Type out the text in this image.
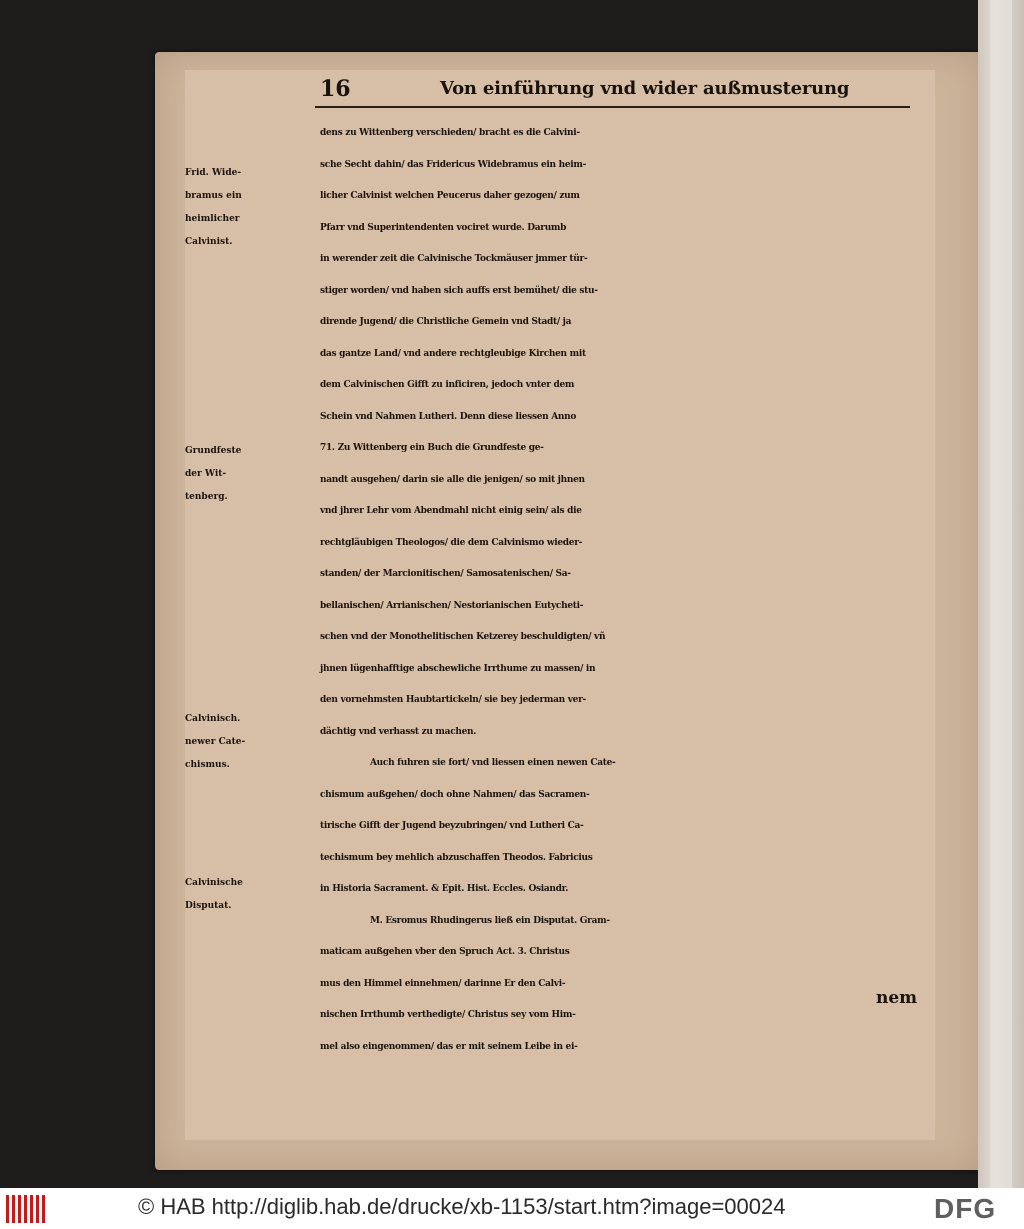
16	Von einführung vnd wider außmusterung
dens zu Wittenberg verschieden/ bracht es die Calvini-
sche Secht dahin/ das Fridericus Widebramus ein heim-
licher Calvinist welchen Peucerus daher gezogen/ zum
Pfarr vnd Superintendenten vociret wurde. Darumb
in werender zeit die Calvinische Tockmäuser jmmer tür-
stiger worden/ vnd haben sich auffs erst bemühet/ die stu-
dirende Jugend/ die Christliche Gemein vnd Stadt/ ja
das gantze Land/ vnd andere rechtgleubige Kirchen mit
dem Calvinischen Gifft zu inficiren, jedoch vnter dem
Schein vnd Nahmen Lutheri. Denn diese liessen Anno
71. Zu Wittenberg ein Buch die Grundfeste ge-
nandt ausgehen/ darin sie alle die jenigen/ so mit jhnen
vnd jhrer Lehr vom Abendmahl nicht einig sein/ als die
rechtgläubigen Theologos/ die dem Calvinismo wieder-
standen/ der Marcionitischen/ Samosatenischen/ Sa-
bellanischen/ Arrianischen/ Nestorianischen Eutycheti-
schen vnd der Monothelitischen Ketzerey beschuldigten/ vñ
jhnen lügenhafftige abschewliche Irrthume zu massen/ in
den vornehmsten Haubtartickeln/ sie bey jederman ver-
dächtig vnd verhasst zu machen.
Auch fuhren sie fort/ vnd liessen einen newen Cate-
chismum außgehen/ doch ohne Nahmen/ das Sacramen-
tirische Gifft der Jugend beyzubringen/ vnd Lutheri Ca-
techismum bey mehlich abzuschaffen Theodos. Fabricius
in Historia Sacrament. & Epit. Hist. Eccles. Osiandr.
M. Esromus Rhudingerus ließ ein Disputat. Gram-
maticam außgehen vber den Spruch Act. 3. Christus
mus den Himmel einnehmen/ darinne Er den Calvi-
nischen Irrthumb verthedigte/ Christus sey vom Him-
mel also eingenommen/ das er mit seinem Leibe in ei-
nem
Frid. Wide-
bramus ein
heimlicher
Calvinist.
Grundfeste
der Wit-
tenberg.
Calvinisch.
newer Cate-
chismus.
Calvinische
Disputat.
© HAB http://diglib.hab.de/drucke/xb-1153/start.htm?image=00024	DFG
